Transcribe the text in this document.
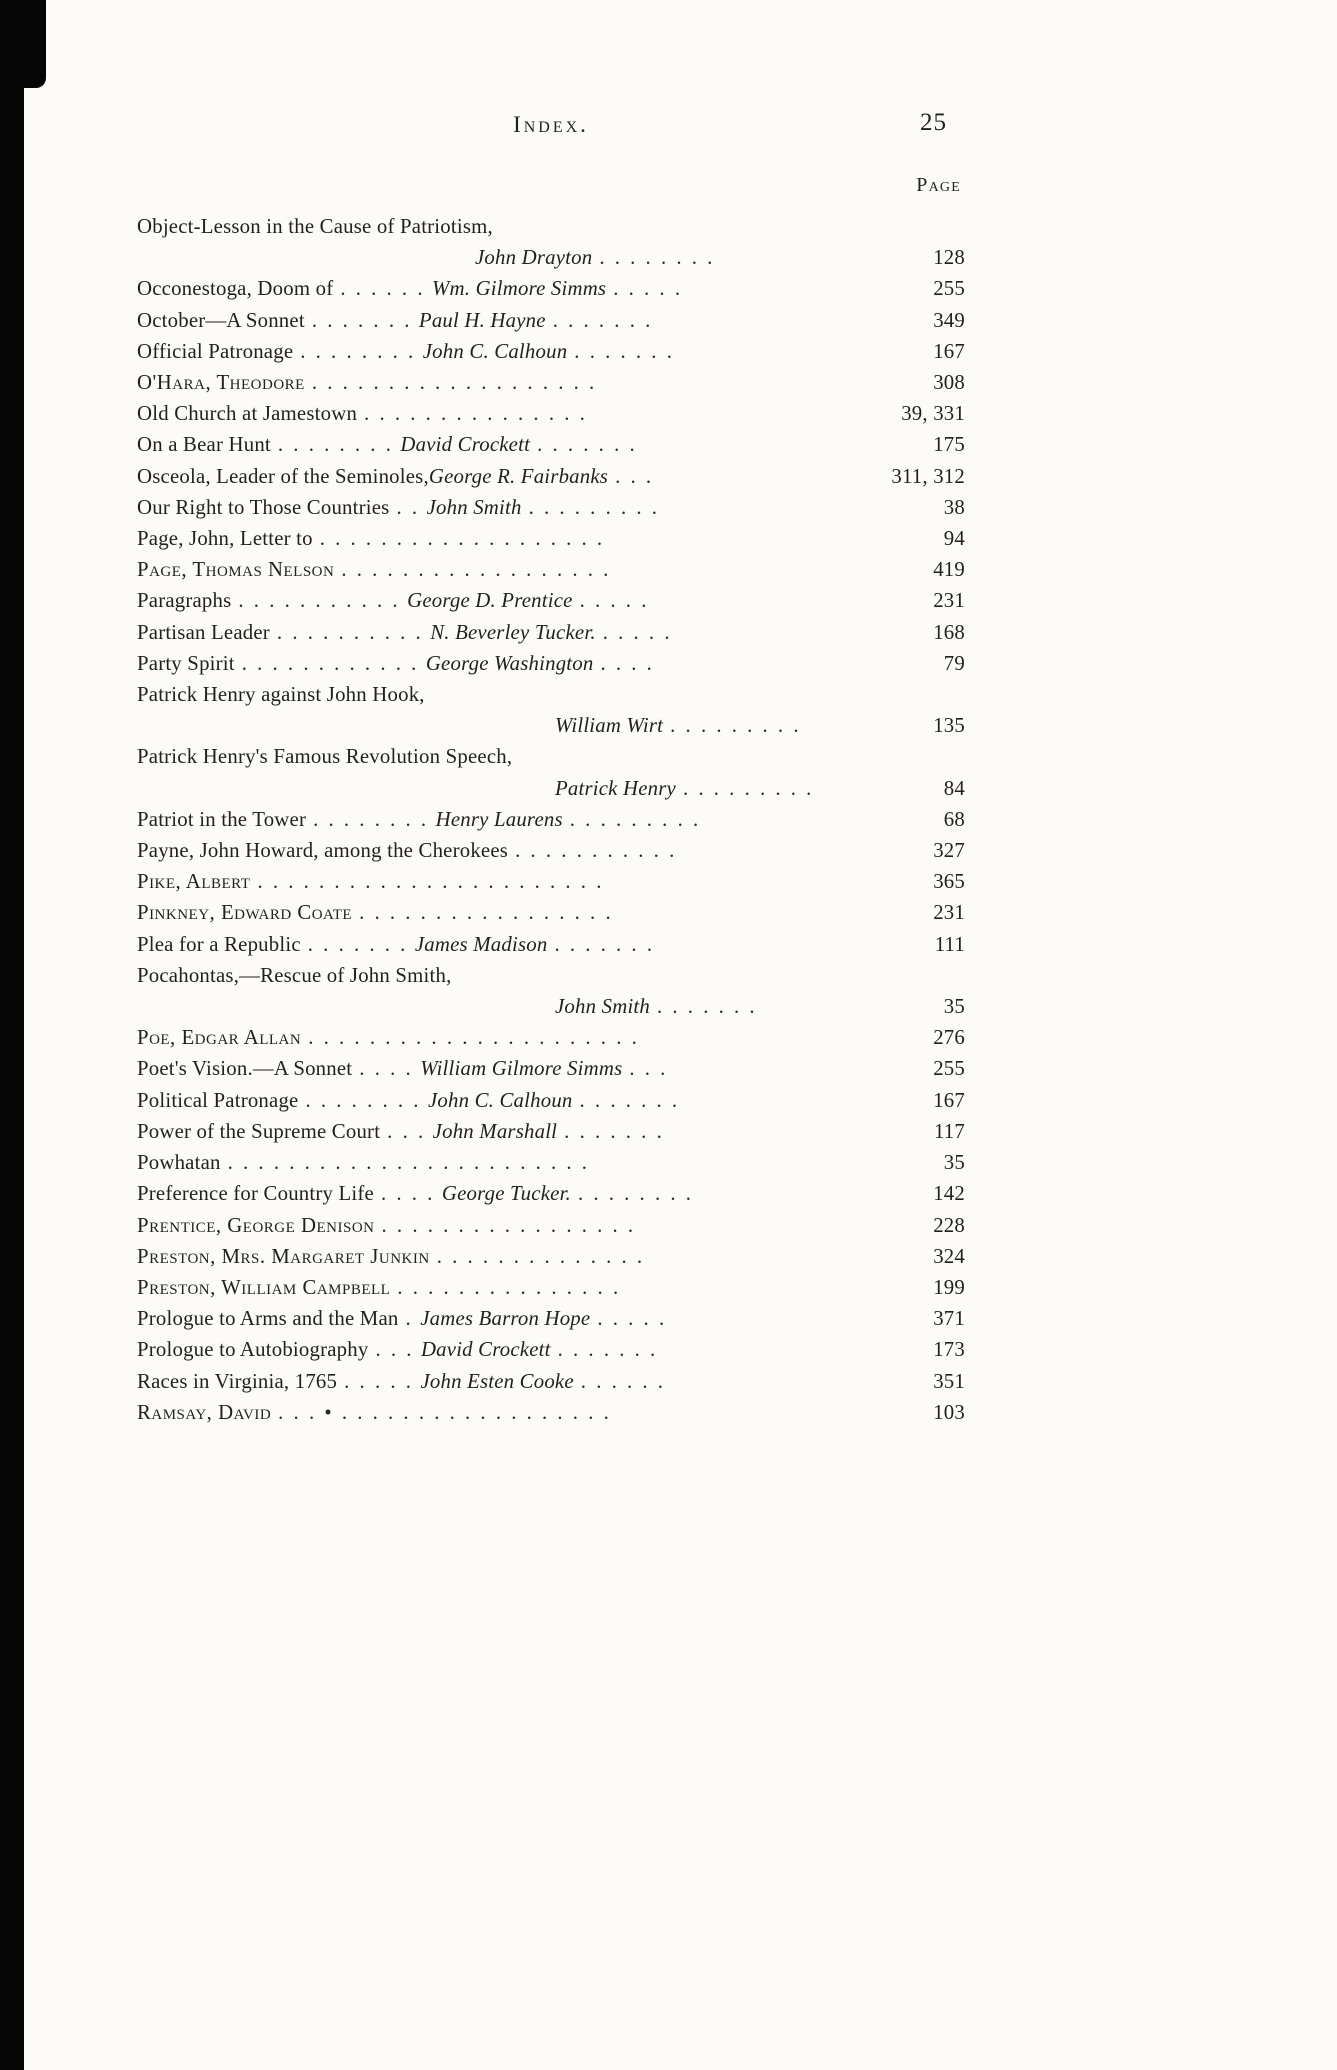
Index.	25
Page
Object-Lesson in the Cause of Patriotism,
John Drayton . . . . . . . .	128
Occonestoga, Doom of . . . . . . Wm. Gilmore Simms . . . . .	255
October—A Sonnet . . . . . . . Paul H. Hayne . . . . . . .	349
Official Patronage . . . . . . . . John C. Calhoun . . . . . . .	167
O'Hara, Theodore . . . . . . . . . . . . . . . . . . .	308
Old Church at Jamestown . . . . . . . . . . . . . . .	39, 331
On a Bear Hunt . . . . . . . . David Crockett . . . . . . .	175
Osceola, Leader of the Seminoles,George R. Fairbanks . . .	311, 312
Our Right to Those Countries . . John Smith . . . . . . . . .	38
Page, John, Letter to . . . . . . . . . . . . . . . . . . .	94
Page, Thomas Nelson . . . . . . . . . . . . . . . . . .	419
Paragraphs . . . . . . . . . . . George D. Prentice . . . . .	231
Partisan Leader . . . . . . . . . . N. Beverley Tucker. . . . . .	168
Party Spirit . . . . . . . . . . . . George Washington . . . .	79
Patrick Henry against John Hook,
William Wirt . . . . . . . . .	135
Patrick Henry's Famous Revolution Speech,
Patrick Henry . . . . . . . . .	84
Patriot in the Tower . . . . . . . . Henry Laurens . . . . . . . . .	68
Payne, John Howard, among the Cherokees . . . . . . . . . . .	327
Pike, Albert . . . . . . . . . . . . . . . . . . . . . . .	365
Pinkney, Edward Coate . . . . . . . . . . . . . . . . .	231
Plea for a Republic . . . . . . . James Madison . . . . . . .	111
Pocahontas,—Rescue of John Smith,
John Smith . . . . . . .	35
Poe, Edgar Allan . . . . . . . . . . . . . . . . . . . . . .	276
Poet's Vision.—A Sonnet . . . . William Gilmore Simms . . .	255
Political Patronage . . . . . . . . John C. Calhoun . . . . . . .	167
Power of the Supreme Court . . . John Marshall . . . . . . .	117
Powhatan . . . . . . . . . . . . . . . . . . . . . . . .	35
Preference for Country Life . . . . George Tucker. . . . . . . . .	142
Prentice, George Denison . . . . . . . . . . . . . . . . .	228
Preston, Mrs. Margaret Junkin . . . . . . . . . . . . . .	324
Preston, William Campbell . . . . . . . . . . . . . . .	199
Prologue to Arms and the Man . James Barron Hope . . . . .	371
Prologue to Autobiography . . . David Crockett . . . . . . .	173
Races in Virginia, 1765 . . . . . John Esten Cooke . . . . . .	351
Ramsay, David . . . • . . . . . . . . . . . . . . . . . .	103
